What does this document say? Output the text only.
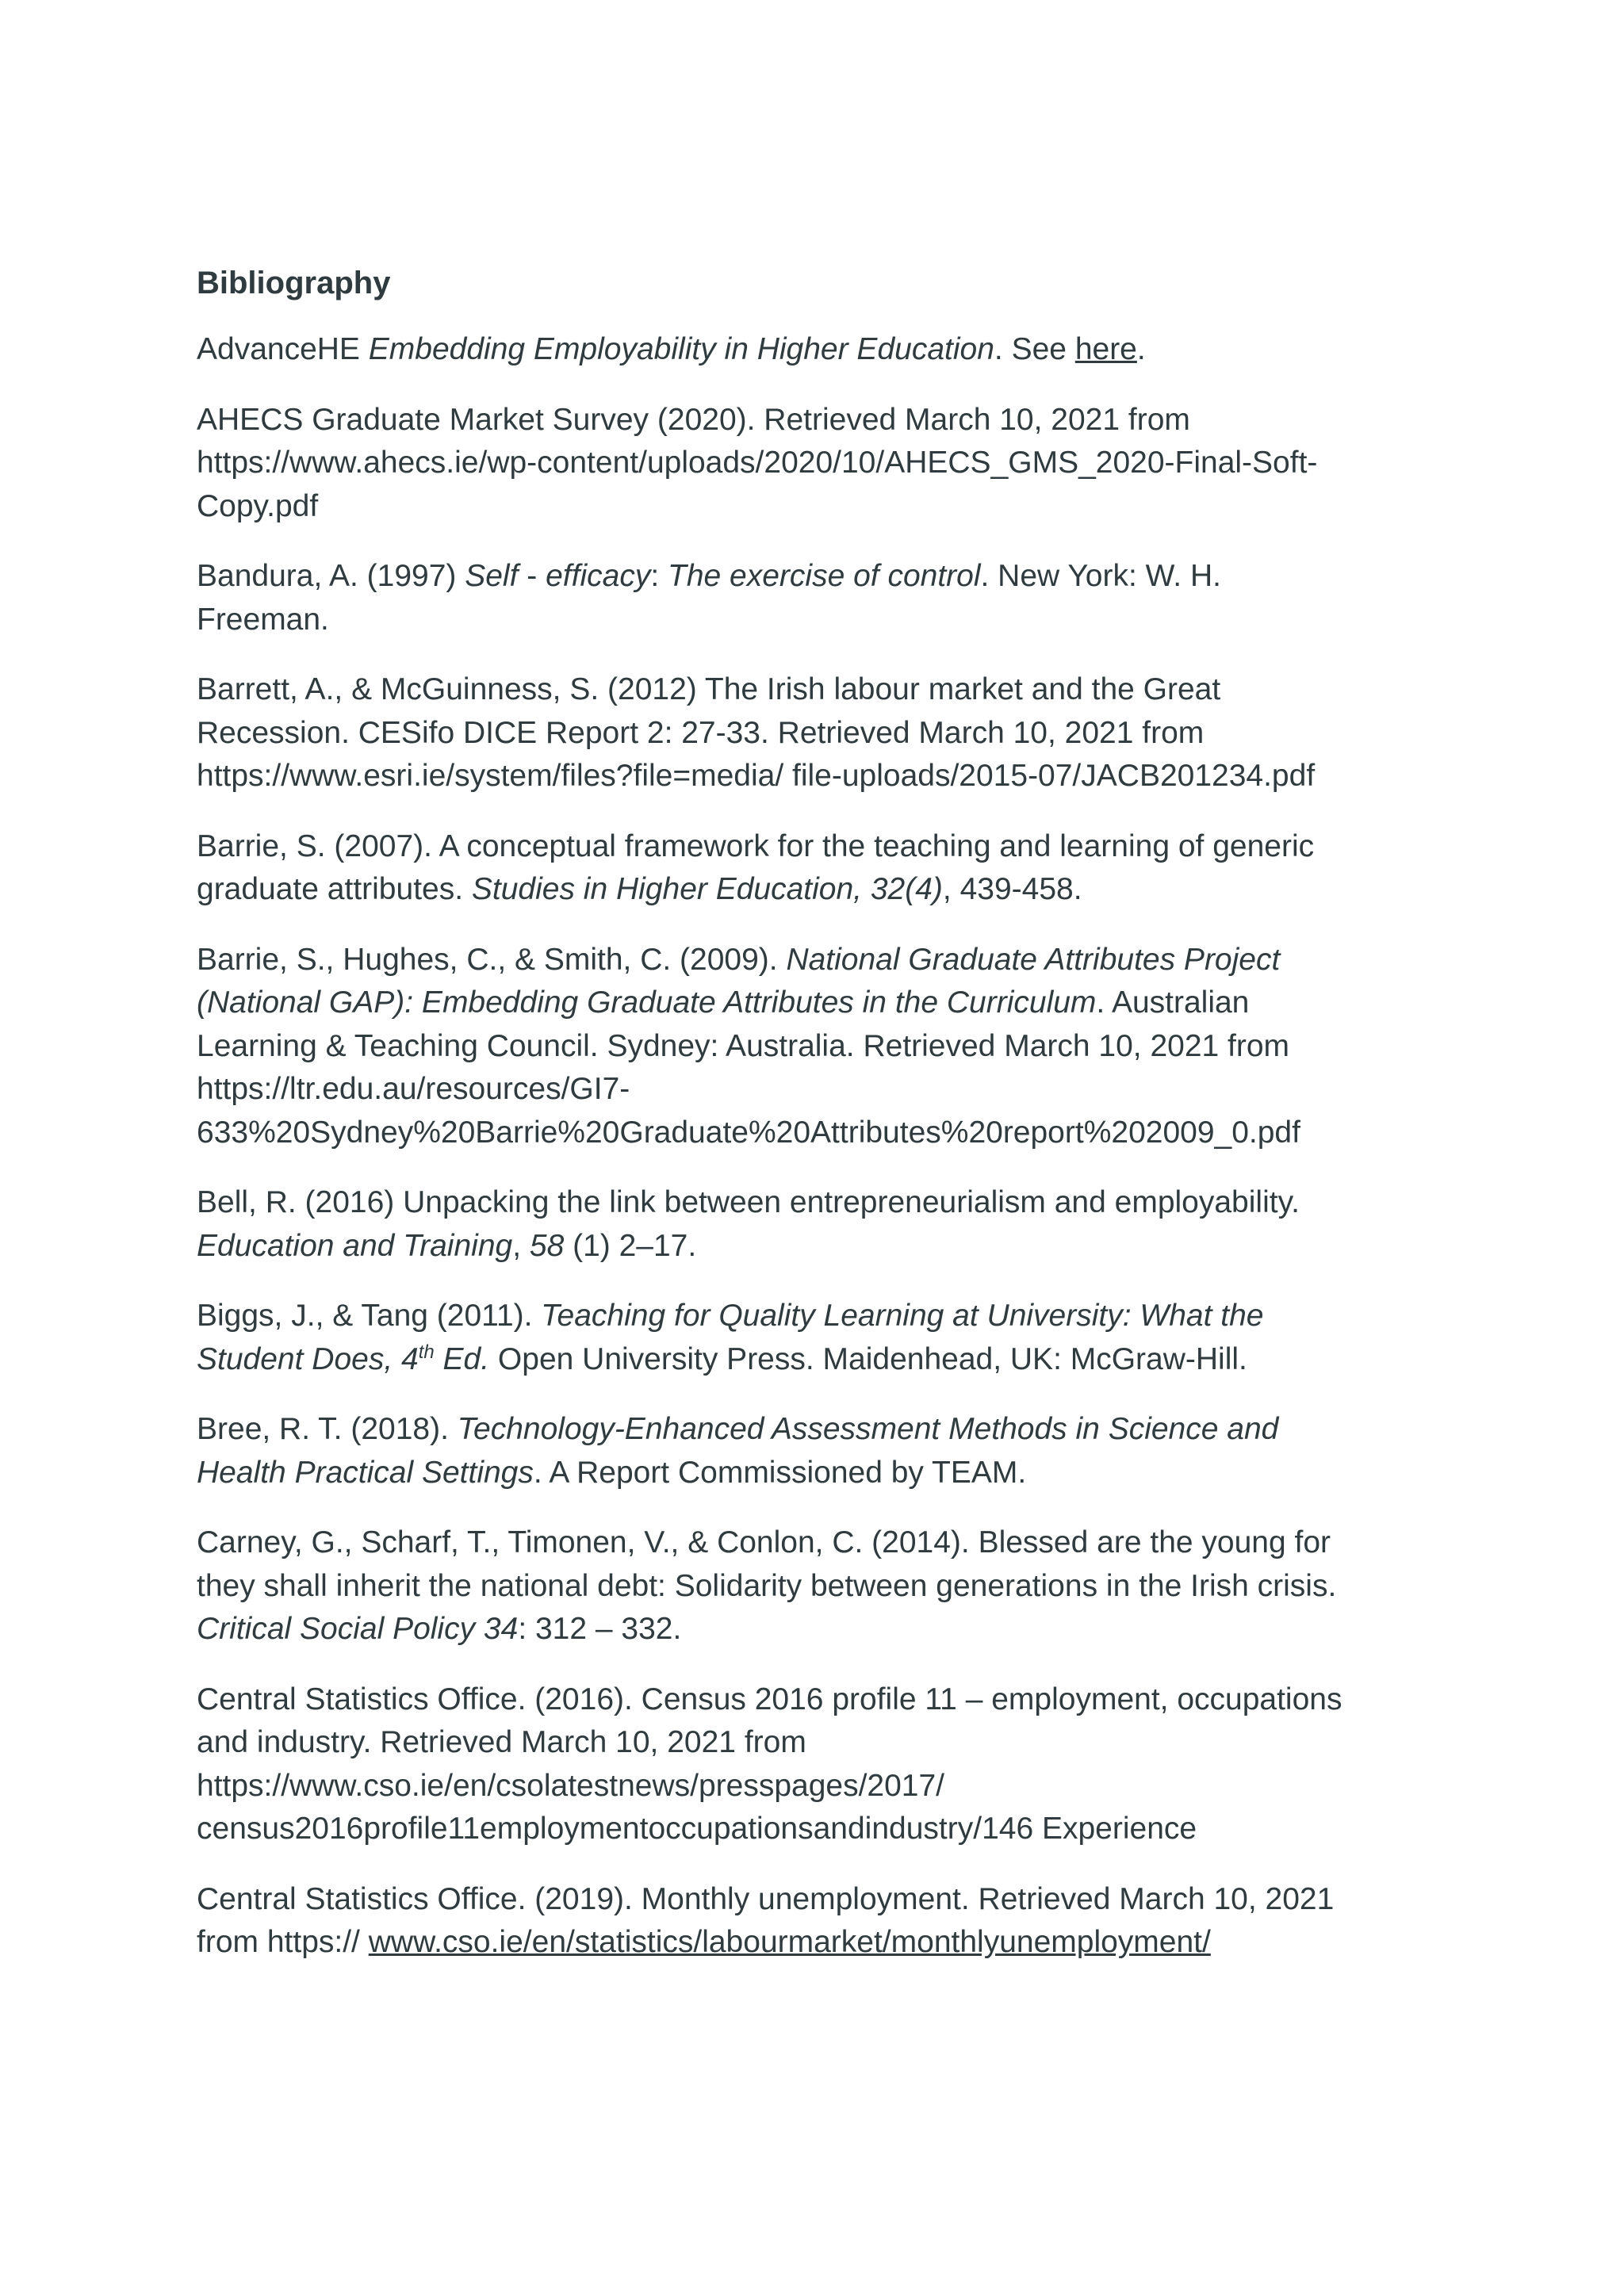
Bibliography
AdvanceHE Embedding Employability in Higher Education. See here.
AHECS Graduate Market Survey (2020). Retrieved March 10, 2021 from
https://www.ahecs.ie/wp-content/uploads/2020/10/AHECS_GMS_2020-Final-Soft-
Copy.pdf
Bandura, A. (1997) Self - efficacy: The exercise of control. New York: W. H.
Freeman.
Barrett, A., & McGuinness, S. (2012) The Irish labour market and the Great
Recession. CESifo DICE Report 2: 27-33. Retrieved March 10, 2021 from
https://www.esri.ie/system/files?file=media/ file-uploads/2015-07/JACB201234.pdf
Barrie, S. (2007). A conceptual framework for the teaching and learning of generic
graduate attributes. Studies in Higher Education, 32(4), 439-458.
Barrie, S., Hughes, C., & Smith, C. (2009). National Graduate Attributes Project
(National GAP): Embedding Graduate Attributes in the Curriculum. Australian
Learning & Teaching Council. Sydney: Australia. Retrieved March 10, 2021 from
https://ltr.edu.au/resources/GI7-
633%20Sydney%20Barrie%20Graduate%20Attributes%20report%202009_0.pdf
Bell, R. (2016) Unpacking the link between entrepreneurialism and employability.
Education and Training, 58 (1) 2–17.
Biggs, J., & Tang (2011). Teaching for Quality Learning at University: What the
Student Does, 4th Ed. Open University Press. Maidenhead, UK: McGraw-Hill.
Bree, R. T. (2018). Technology-Enhanced Assessment Methods in Science and
Health Practical Settings. A Report Commissioned by TEAM.
Carney, G., Scharf, T., Timonen, V., & Conlon, C. (2014). Blessed are the young for
they shall inherit the national debt: Solidarity between generations in the Irish crisis.
Critical Social Policy 34: 312 – 332.
Central Statistics Office. (2016). Census 2016 profile 11 – employment, occupations
and industry. Retrieved March 10, 2021 from
https://www.cso.ie/en/csolatestnews/presspages/2017/
census2016profile11employmentoccupationsandindustry/146 Experience
Central Statistics Office. (2019). Monthly unemployment. Retrieved March 10, 2021
from https:// www.cso.ie/en/statistics/labourmarket/monthlyunemployment/
